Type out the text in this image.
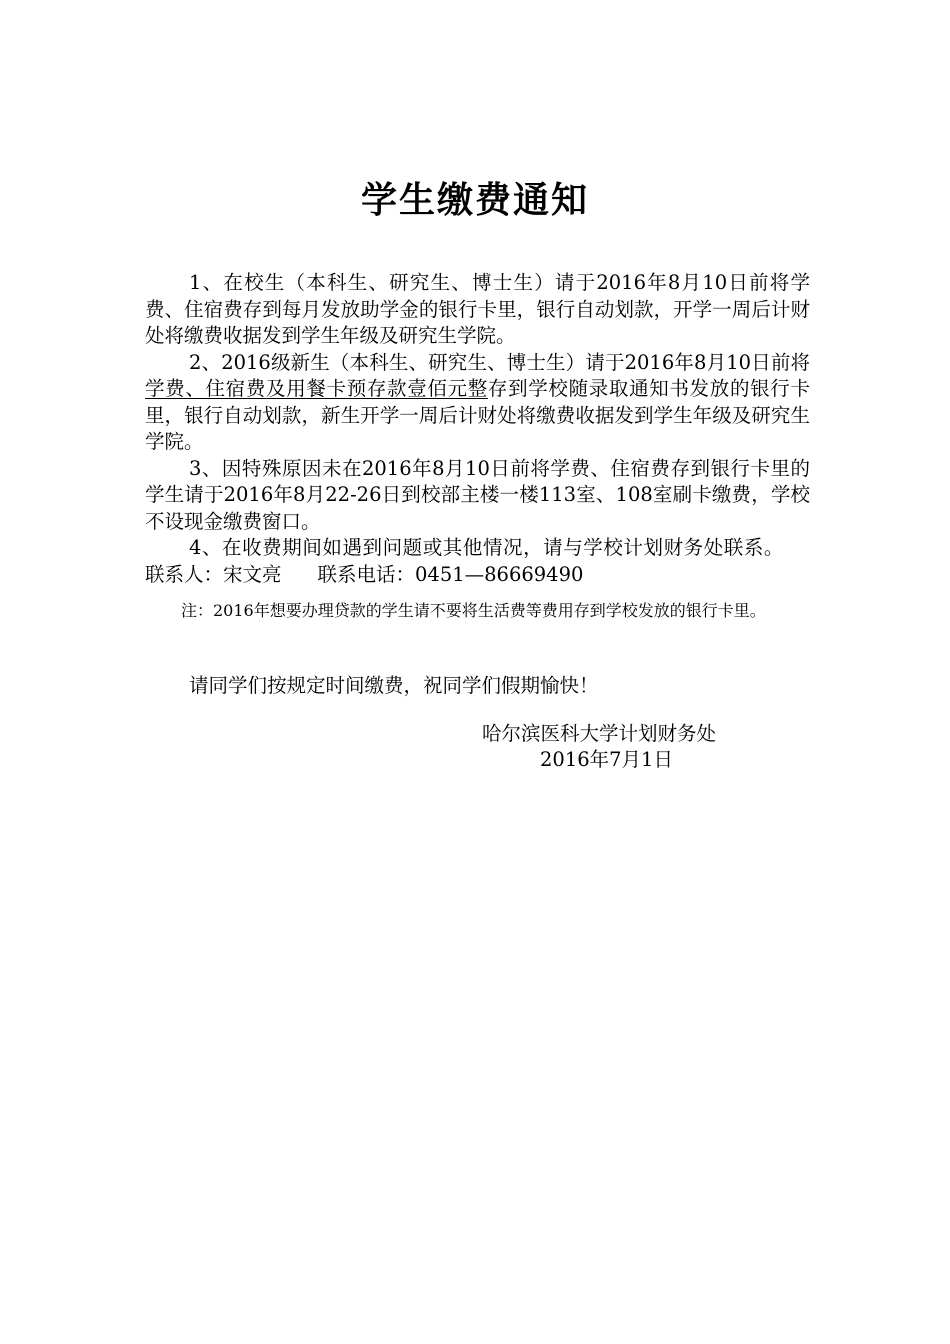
学生缴费通知

1、在校生（本科生、研究生、博士生）请于2016年8月10日前将学费、住宿费存到每月发放助学金的银行卡里，银行自动划款，开学一周后计财处将缴费收据发到学生年级及研究生学院。

2、2016级新生（本科生、研究生、博士生）请于2016年8月10日前将学费、住宿费及用餐卡预存款壹佰元整存到学校随录取通知书发放的银行卡里，银行自动划款，新生开学一周后计财处将缴费收据发到学生年级及研究生学院。

3、因特殊原因未在2016年8月10日前将学费、住宿费存到银行卡里的学生请于2016年8月22-26日到校部主楼一楼113室、108室刷卡缴费，学校不设现金缴费窗口。

4、在收费期间如遇到问题或其他情况，请与学校计划财务处联系。联系人：宋文亮 联系电话：0451—86669490

注：2016年想要办理贷款的学生请不要将生活费等费用存到学校发放的银行卡里。

请同学们按规定时间缴费，祝同学们假期愉快！
哈尔滨医科大学计划财务处
2016年7月1日
